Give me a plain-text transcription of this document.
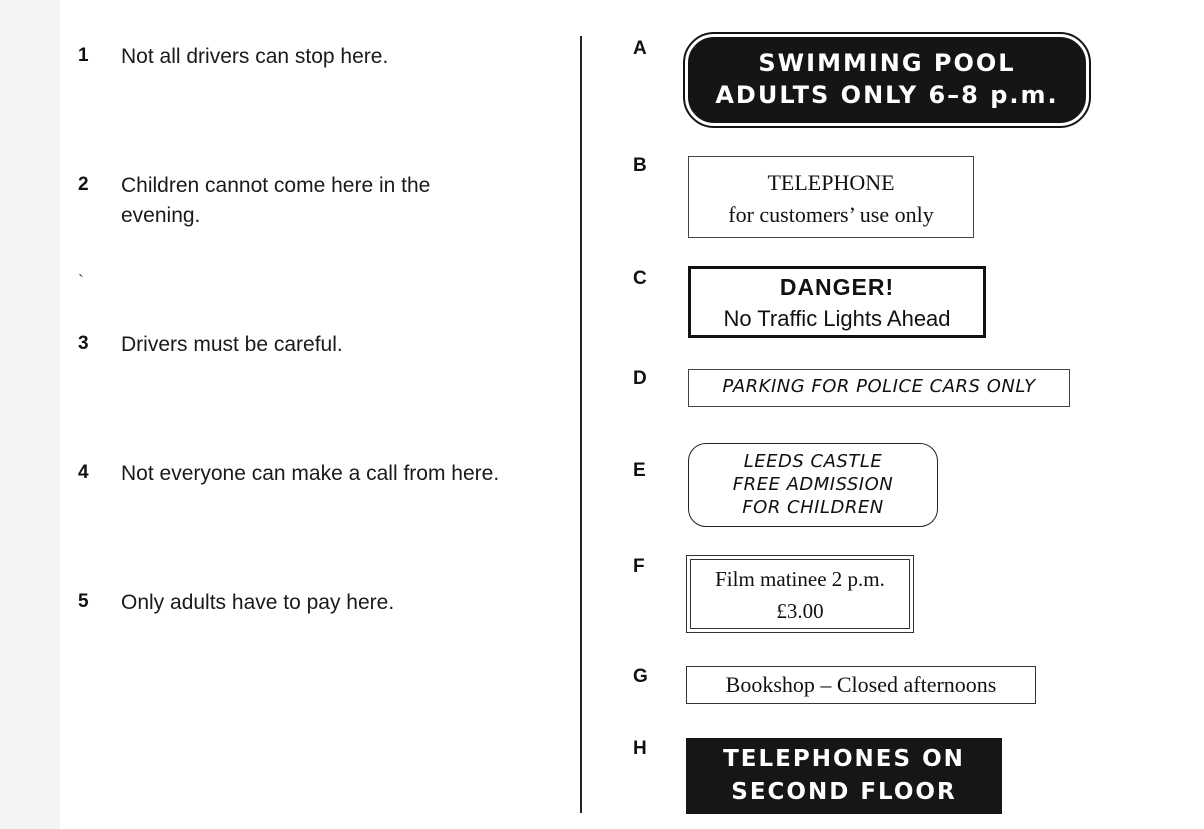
1 Not all drivers can stop here.
2 Children cannot come here in the
evening.
`
3 Drivers must be careful.
4 Not everyone can make a call from here.
5 Only adults have to pay here.
A
B
C
D
E
F
G
H
SWIMMING POOL
ADULTS ONLY 6–8 p.m.
TELEPHONE
for customers’ use only
DANGER!
No Traffic Lights Ahead
PARKING FOR POLICE CARS ONLY
LEEDS CASTLE
FREE ADMISSION
FOR CHILDREN
Film matinee 2 p.m.
£3.00
Bookshop – Closed afternoons
TELEPHONES ON
SECOND FLOOR
